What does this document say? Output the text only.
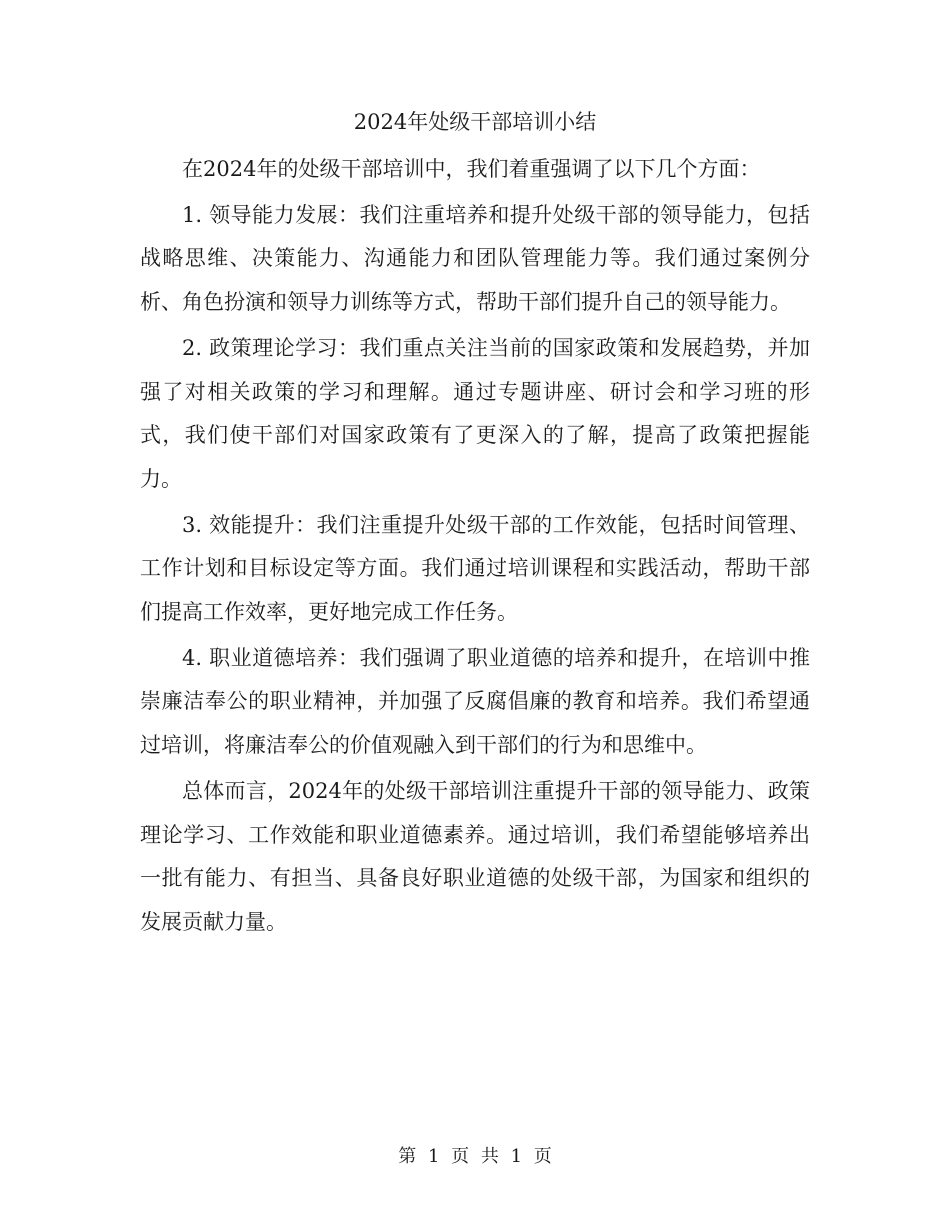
2024年处级干部培训小结

在2024年的处级干部培训中，我们着重强调了以下几个方面：

1. 领导能力发展：我们注重培养和提升处级干部的领导能力，包括战略思维、决策能力、沟通能力和团队管理能力等。我们通过案例分析、角色扮演和领导力训练等方式，帮助干部们提升自己的领导能力。

2. 政策理论学习：我们重点关注当前的国家政策和发展趋势，并加强了对相关政策的学习和理解。通过专题讲座、研讨会和学习班的形式，我们使干部们对国家政策有了更深入的了解，提高了政策把握能力。

3. 效能提升：我们注重提升处级干部的工作效能，包括时间管理、工作计划和目标设定等方面。我们通过培训课程和实践活动，帮助干部们提高工作效率，更好地完成工作任务。

4. 职业道德培养：我们强调了职业道德的培养和提升，在培训中推崇廉洁奉公的职业精神，并加强了反腐倡廉的教育和培养。我们希望通过培训，将廉洁奉公的价值观融入到干部们的行为和思维中。

总体而言，2024年的处级干部培训注重提升干部的领导能力、政策理论学习、工作效能和职业道德素养。通过培训，我们希望能够培养出一批有能力、有担当、具备良好职业道德的处级干部，为国家和组织的发展贡献力量。

第 1 页 共 1 页
